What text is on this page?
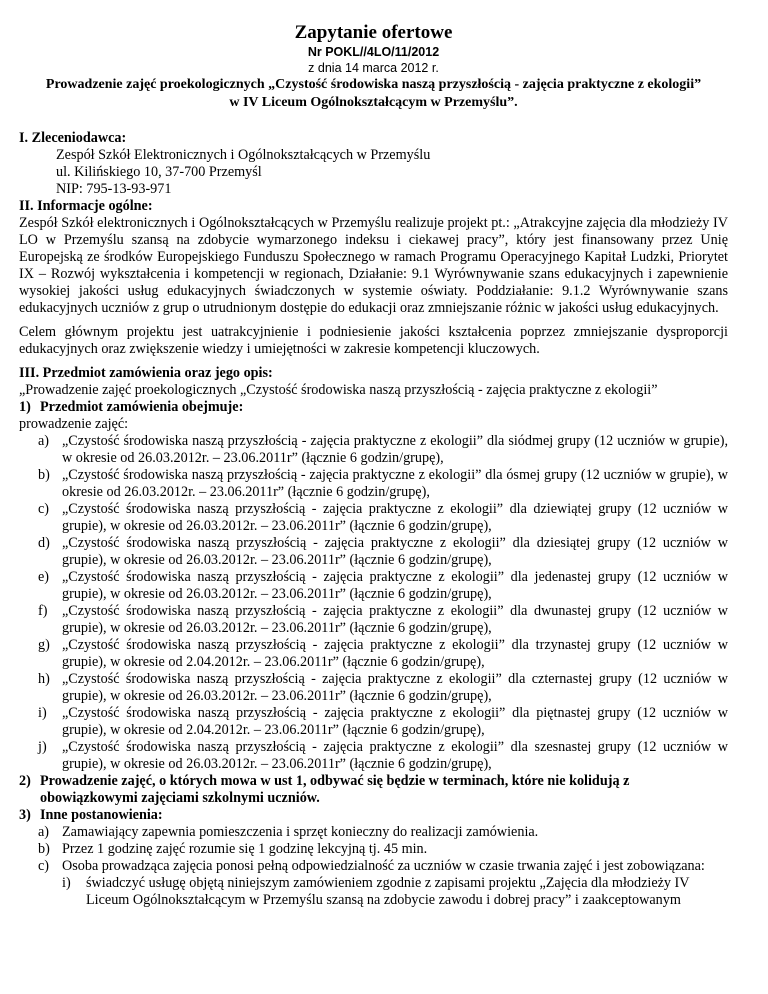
Zapytanie ofertowe
Nr POKL//4LO/11/2012
z dnia 14 marca 2012 r.
Prowadzenie zajęć proekologicznych „Czystość środowiska naszą przyszłością - zajęcia praktyczne z ekologii”
w IV Liceum Ogólnokształcącym w Przemyślu”.
I. Zleceniodawca:
Zespół Szkół Elektronicznych i Ogólnokształcących w Przemyślu
ul. Kilińskiego 10, 37-700 Przemyśl
NIP: 795-13-93-971
II. Informacje ogólne:
Zespół Szkół elektronicznych i Ogólnokształcących w Przemyślu realizuje projekt pt.: „Atrakcyjne zajęcia dla młodzieży IV LO w Przemyślu szansą na zdobycie wymarzonego indeksu i ciekawej pracy”, który jest finansowany przez Unię Europejską ze środków Europejskiego Funduszu Społecznego w ramach Programu Operacyjnego Kapitał Ludzki, Priorytet IX – Rozwój wykształcenia i kompetencji w regionach, Działanie: 9.1 Wyrównywanie szans edukacyjnych i zapewnienie wysokiej jakości usług edukacyjnych świadczonych w systemie oświaty. Poddziałanie: 9.1.2 Wyrównywanie szans edukacyjnych uczniów z grup o utrudnionym dostępie do edukacji oraz zmniejszanie różnic w jakości usług edukacyjnych.
Celem głównym projektu jest uatrakcyjnienie i podniesienie jakości kształcenia poprzez zmniejszanie dysproporcji edukacyjnych oraz zwiększenie wiedzy i umiejętności w zakresie kompetencji kluczowych.
III. Przedmiot zamówienia oraz jego opis:
„Prowadzenie zajęć proekologicznych „Czystość środowiska naszą przyszłością - zajęcia praktyczne z ekologii”
1) Przedmiot zamówienia obejmuje:
prowadzenie zajęć:
a) „Czystość środowiska naszą przyszłością - zajęcia praktyczne z ekologii” dla siódmej grupy (12 uczniów w grupie), w okresie od 26.03.2012r. – 23.06.2011r” (łącznie 6 godzin/grupę),
b) „Czystość środowiska naszą przyszłością - zajęcia praktyczne z ekologii” dla ósmej grupy (12 uczniów w grupie), w okresie od 26.03.2012r. – 23.06.2011r” (łącznie 6 godzin/grupę),
c) „Czystość środowiska naszą przyszłością - zajęcia praktyczne z ekologii” dla dziewiątej grupy (12 uczniów w grupie), w okresie od 26.03.2012r. – 23.06.2011r” (łącznie 6 godzin/grupę),
d) „Czystość środowiska naszą przyszłością - zajęcia praktyczne z ekologii” dla dziesiątej grupy (12 uczniów w grupie), w okresie od 26.03.2012r. – 23.06.2011r” (łącznie 6 godzin/grupę),
e) „Czystość środowiska naszą przyszłością - zajęcia praktyczne z ekologii” dla jedenastej grupy (12 uczniów w grupie), w okresie od 26.03.2012r. – 23.06.2011r” (łącznie 6 godzin/grupę),
f)	„Czystość środowiska naszą przyszłością - zajęcia praktyczne z ekologii” dla dwunastej grupy (12 uczniów w grupie), w okresie od 26.03.2012r. – 23.06.2011r” (łącznie 6 godzin/grupę),
g) „Czystość środowiska naszą przyszłością - zajęcia praktyczne z ekologii” dla trzynastej grupy (12 uczniów w grupie), w okresie od 2.04.2012r. – 23.06.2011r” (łącznie 6 godzin/grupę),
h) „Czystość środowiska naszą przyszłością - zajęcia praktyczne z ekologii” dla czternastej grupy (12 uczniów w grupie), w okresie od 26.03.2012r. – 23.06.2011r” (łącznie 6 godzin/grupę),
i)	„Czystość środowiska naszą przyszłością - zajęcia praktyczne z ekologii” dla piętnastej grupy (12 uczniów w grupie), w okresie od 2.04.2012r. – 23.06.2011r” (łącznie 6 godzin/grupę),
j)	„Czystość środowiska naszą przyszłością - zajęcia praktyczne z ekologii” dla szesnastej grupy (12 uczniów w grupie), w okresie od 26.03.2012r. – 23.06.2011r” (łącznie 6 godzin/grupę),
2) Prowadzenie zajęć, o których mowa w ust 1, odbywać się będzie w terminach, które nie kolidują z obowiązkowymi zajęciami szkolnymi uczniów.
3) Inne postanowienia:
a) Zamawiający zapewnia pomieszczenia i sprzęt konieczny do realizacji zamówienia.
b) Przez 1 godzinę zajęć rozumie się 1 godzinę lekcyjną tj. 45 min.
c) Osoba prowadząca zajęcia ponosi pełną odpowiedzialność za uczniów w czasie trwania zajęć i jest zobowiązana:
i)	świadczyć usługę objętą niniejszym zamówieniem zgodnie z zapisami projektu „Zajęcia dla młodzieży IV Liceum Ogólnokształcącym w Przemyślu szansą na zdobycie zawodu i dobrej pracy” i zaakceptowanym
